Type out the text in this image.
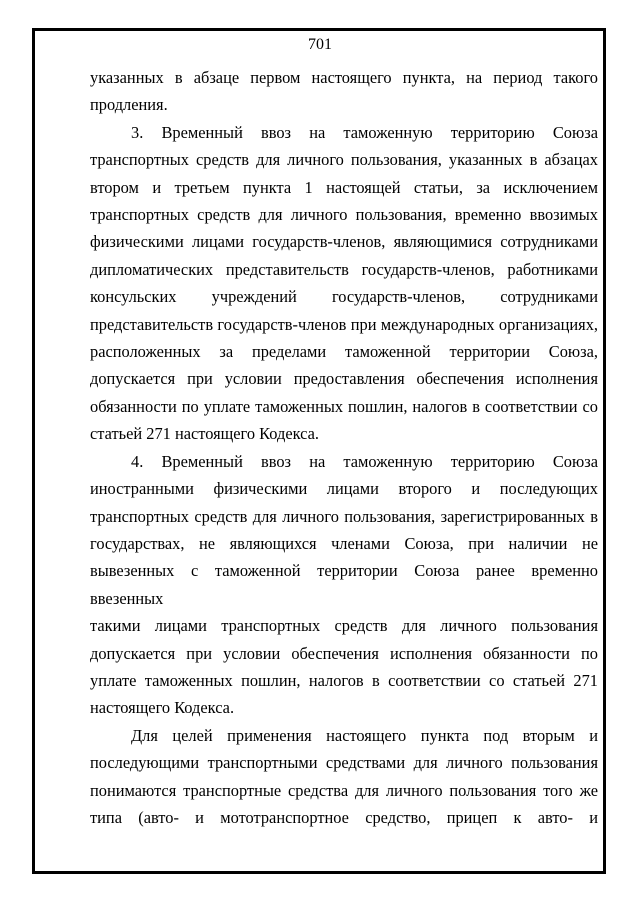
701

указанных в абзаце первом настоящего пункта, на период такого

продления.

3. Временный ввоз на таможенную территорию Союза

транспортных средств для личного пользования, указанных в абзацах

втором и третьем пункта 1 настоящей статьи, за исключением

транспортных средств для личного пользования, временно ввозимых

физическими лицами государств-членов, являющимися сотрудниками

дипломатических представительств государств-членов, работниками

консульских учреждений государств-членов, сотрудниками

представительств государств-членов при международных организациях,

расположенных за пределами таможенной территории Союза,

допускается при условии предоставления обеспечения исполнения

обязанности по уплате таможенных пошлин, налогов в соответствии со

статьей 271 настоящего Кодекса.

4. Временный ввоз на таможенную территорию Союза

иностранными физическими лицами второго и последующих

транспортных средств для личного пользования, зарегистрированных в

государствах, не являющихся членами Союза, при наличии не

вывезенных с таможенной территории Союза ранее временно ввезенных

такими лицами транспортных средств для личного пользования

допускается при условии обеспечения исполнения обязанности по

уплате таможенных пошлин, налогов в соответствии со статьей 271

настоящего Кодекса.

Для целей применения настоящего пункта под вторым и

последующими транспортными средствами для личного пользования

понимаются транспортные средства для личного пользования того же

типа (авто- и мототранспортное средство, прицеп к авто- и
